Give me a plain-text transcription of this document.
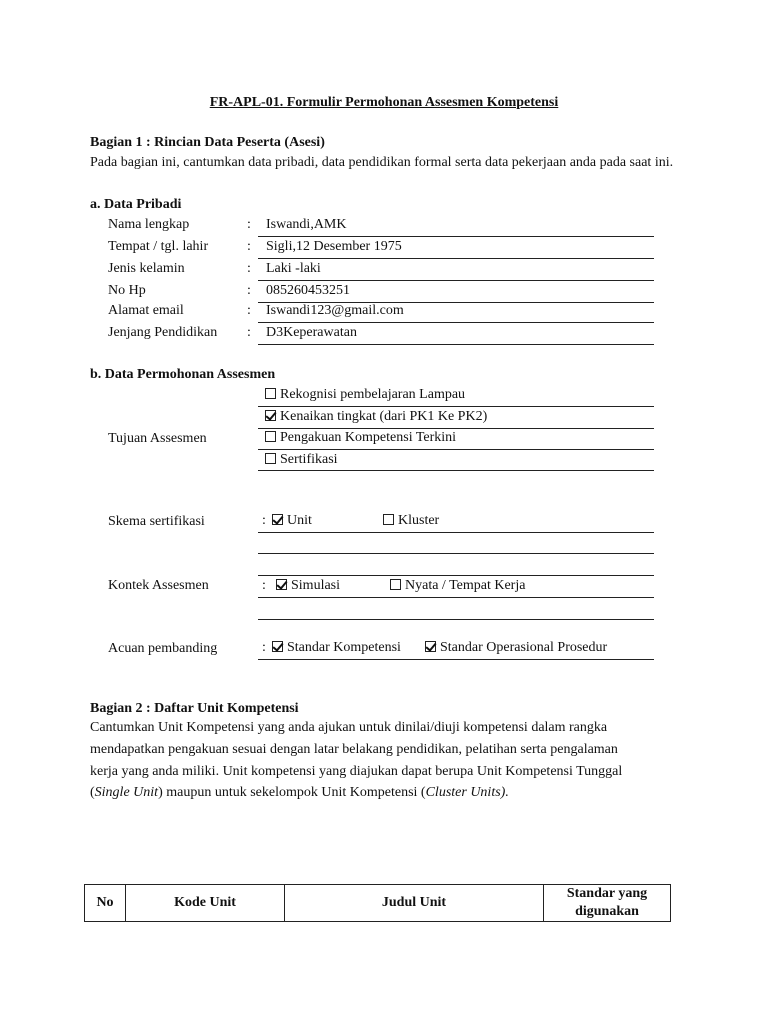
FR-APL-01. Formulir Permohonan Assesmen Kompetensi
Bagian 1 : Rincian Data Peserta (Asesi)
Pada bagian ini, cantumkan data pribadi, data pendidikan formal serta data pekerjaan anda pada saat ini.
a. Data Pribadi
Nama lengkap	: Iswandi,AMK
Tempat / tgl. lahir	: Sigli,12 Desember 1975
Jenis kelamin	: Laki -laki
No Hp	: 085260453251
Alamat email	: Iswandi123@gmail.com
Jenjang Pendidikan : D3Keperawatan
b. Data Permohonan Assesmen
Tujuan Assesmen
Rekognisi pembelajaran Lampau
Kenaikan tingkat (dari PK1 Ke PK2)
Pengakuan Kompetensi Terkini
Sertifikasi
Skema sertifikasi	:	Unit	Kluster
Kontek Assesmen	:	Simulasi	Nyata / Tempat Kerja
Acuan pembanding	:	Standar Kompetensi	Standar Operasional Prosedur
Bagian 2 : Daftar Unit Kompetensi
Cantumkan Unit Kompetensi yang anda ajukan untuk dinilai/diuji kompetensi dalam rangka
mendapatkan pengakuan sesuai dengan latar belakang pendidikan, pelatihan serta pengalaman
kerja yang anda miliki. Unit kompetensi yang diajukan dapat berupa Unit Kompetensi Tunggal
(Single Unit) maupun untuk sekelompok Unit Kompetensi (Cluster Units).
No	Kode Unit	Judul Unit	Standar yang digunakan
